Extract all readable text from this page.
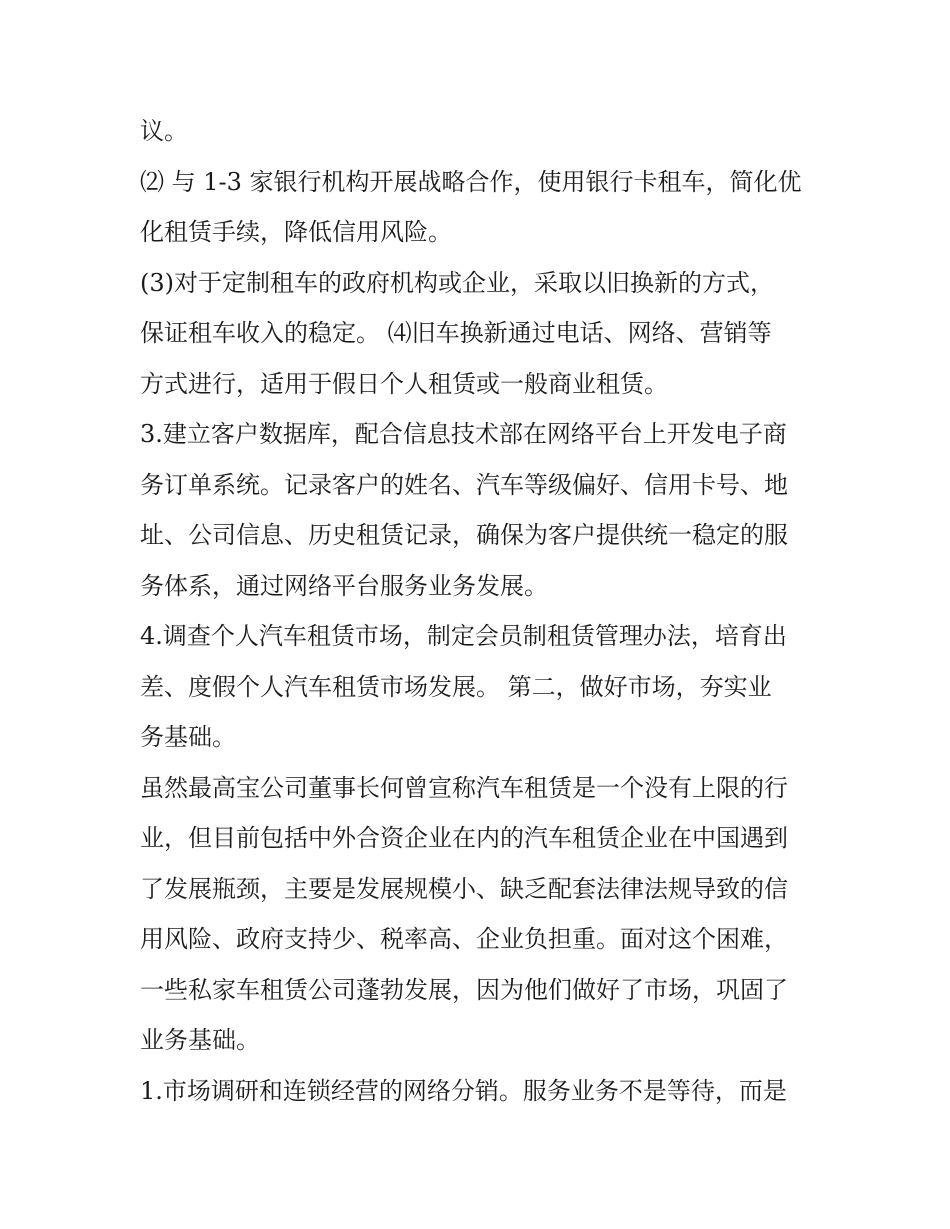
议。
⑵ 与 1-3 家银行机构开展战略合作，使用银行卡租车，简化优
化租赁手续，降低信用风险。
(3)对于定制租车的政府机构或企业，采取以旧换新的方式，
保证租车收入的稳定。 ⑷旧车换新通过电话、网络、营销等
方式进行，适用于假日个人租赁或一般商业租赁。
3.建立客户数据库，配合信息技术部在网络平台上开发电子商
务订单系统。记录客户的姓名、汽车等级偏好、信用卡号、地
址、公司信息、历史租赁记录，确保为客户提供统一稳定的服
务体系，通过网络平台服务业务发展。
4.调查个人汽车租赁市场，制定会员制租赁管理办法，培育出
差、度假个人汽车租赁市场发展。 第二，做好市场，夯实业
务基础。
虽然最高宝公司董事长何曾宣称汽车租赁是一个没有上限的行
业，但目前包括中外合资企业在内的汽车租赁企业在中国遇到
了发展瓶颈，主要是发展规模小、缺乏配套法律法规导致的信
用风险、政府支持少、税率高、企业负担重。面对这个困难，
一些私家车租赁公司蓬勃发展，因为他们做好了市场，巩固了
业务基础。
1.市场调研和连锁经营的网络分销。服务业务不是等待，而是
